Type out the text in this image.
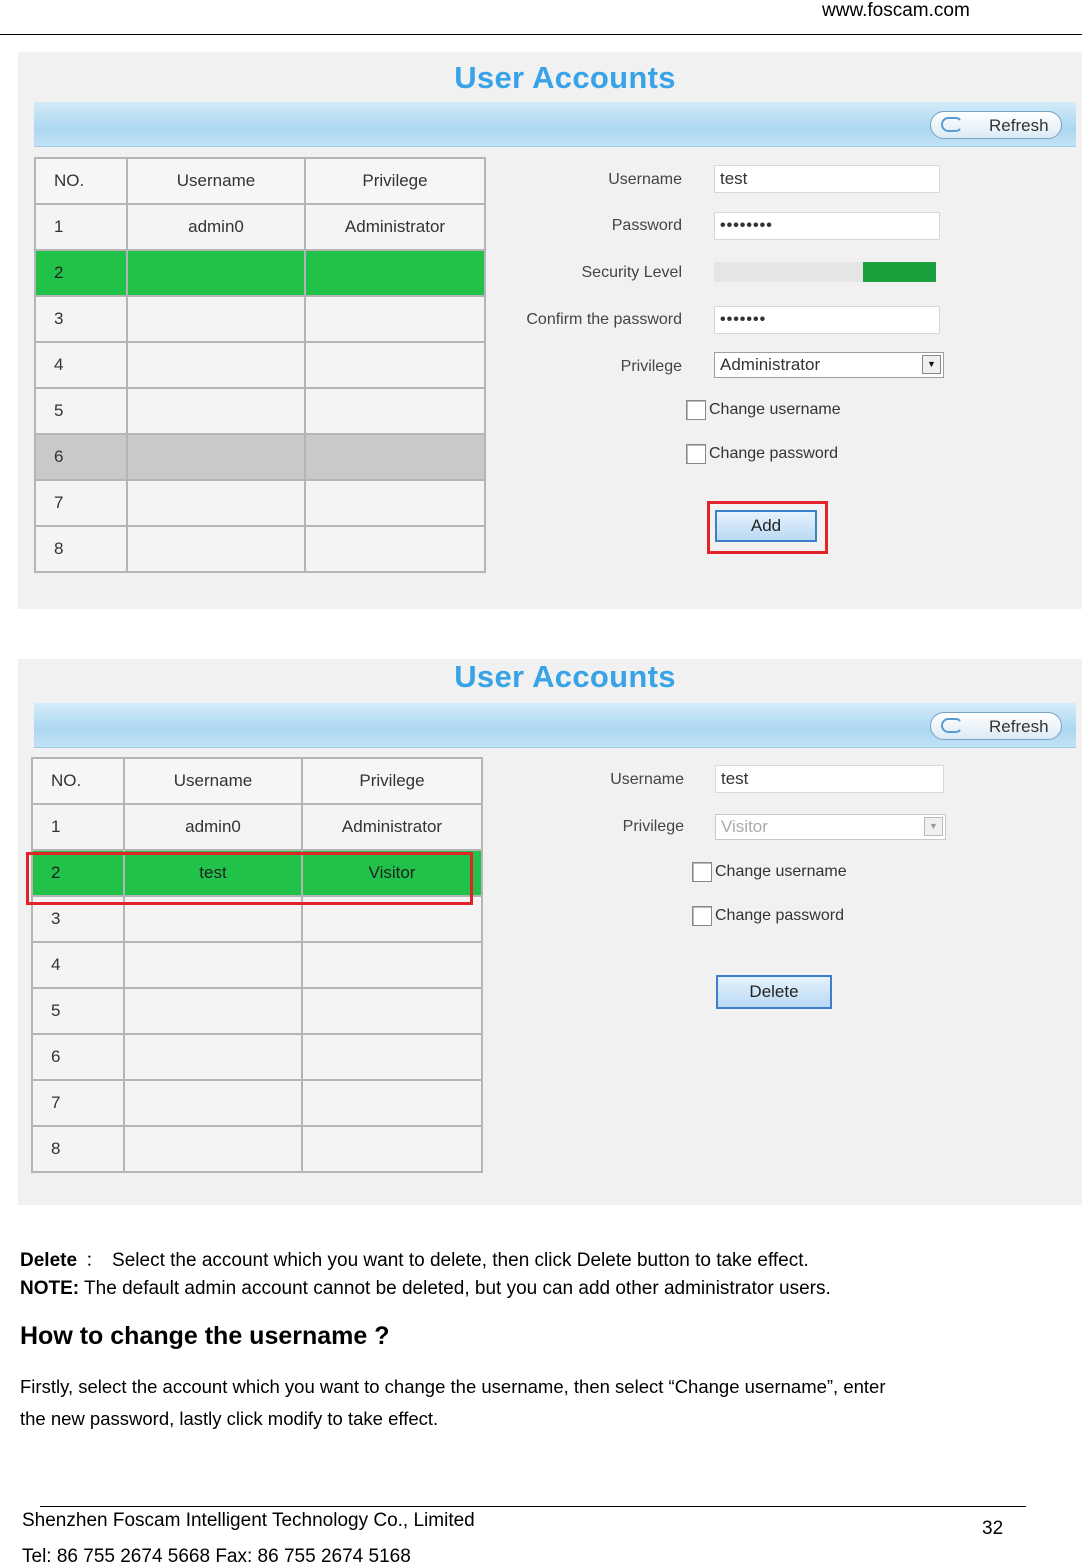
www.foscam.com
User Accounts
Refresh
NO.	Username	Privilege
1	admin0	Administrator
2		
3		
4		
5		
6		
7		
8		
Username	test
Password	••••••••
Security Level
Confirm the password	•••••••
Privilege	Administrator	▼
Change username
Change password
Add
User Accounts
Refresh
NO.	Username	Privilege
1	admin0	Administrator
2	test	Visitor
3		
4		
5		
6		
7		
8		
Username	test
Privilege	Visitor	▼
Change username
Change password
Delete
Delete ： Select the account which you want to delete, then click Delete button to take effect.
NOTE: The default admin account cannot be deleted, but you can add other administrator users.
How to change the username ?
Firstly, select the account which you want to change the username, then select “Change username”, enter
the new password, lastly click modify to take effect.
Shenzhen Foscam Intelligent Technology Co., Limited
Tel: 86 755 2674 5668 Fax: 86 755 2674 5168
32
